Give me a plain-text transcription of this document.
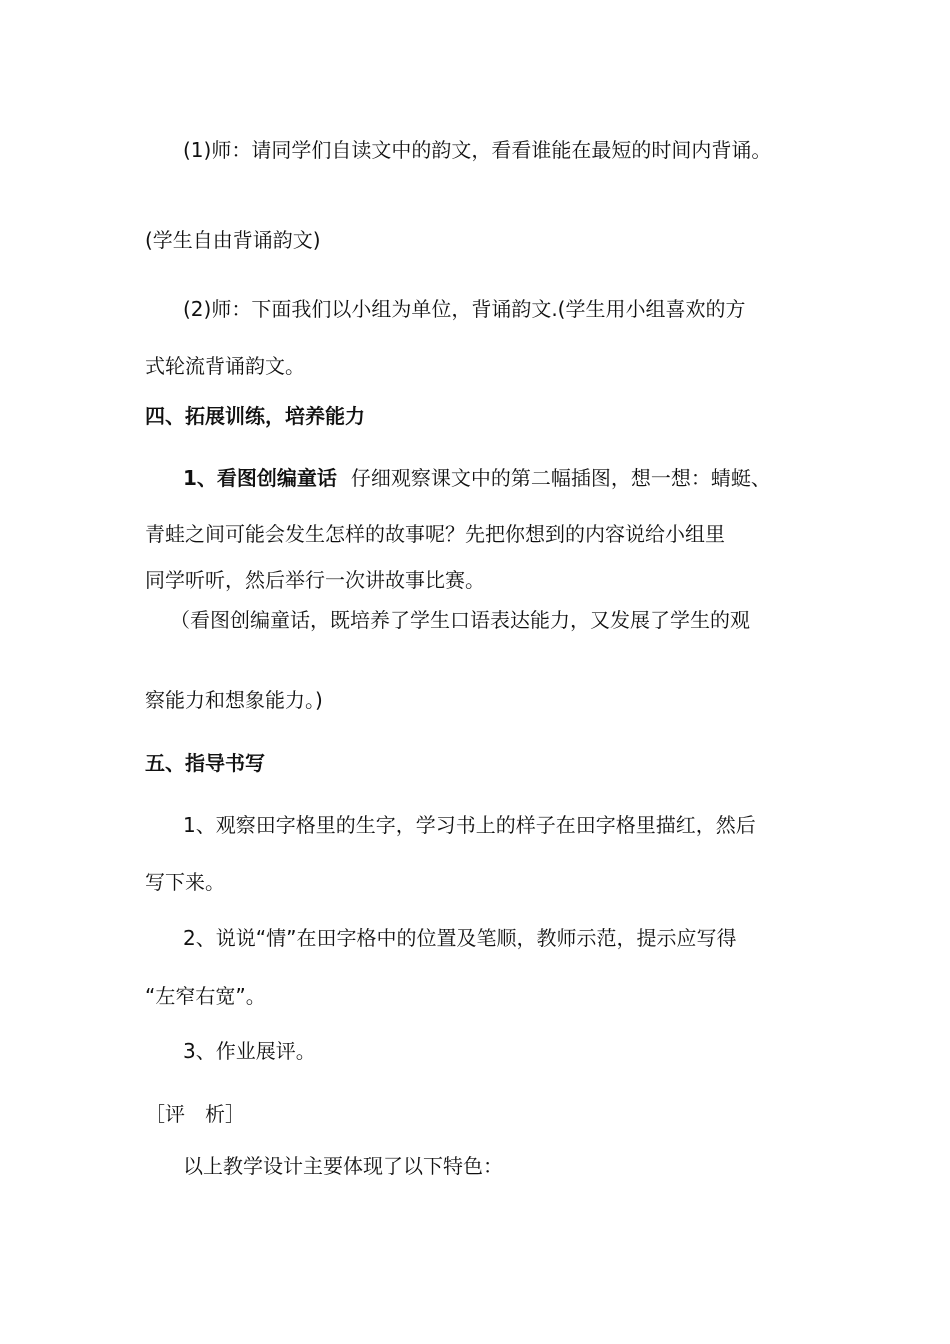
(1)师：请同学们自读文中的韵文，看看谁能在最短的时间内背诵。
(学生自由背诵韵文)
(2)师：下面我们以小组为单位，背诵韵文.(学生用小组喜欢的方
式轮流背诵韵文。
四、拓展训练，培养能力
1、看图创编童话 仔细观察课文中的第二幅插图，想一想：蜻蜓、
青蛙之间可能会发生怎样的故事呢？先把你想到的内容说给小组里
同学听听，然后举行一次讲故事比赛。
（看图创编童话，既培养了学生口语表达能力，又发展了学生的观
察能力和想象能力。)
五、指导书写
1、观察田字格里的生字，学习书上的样子在田字格里描红，然后
写下来。
2、说说“情”在田字格中的位置及笔顺，教师示范，提示应写得
“左窄右宽”。
3、作业展评。
［评　析］
以上教学设计主要体现了以下特色：
